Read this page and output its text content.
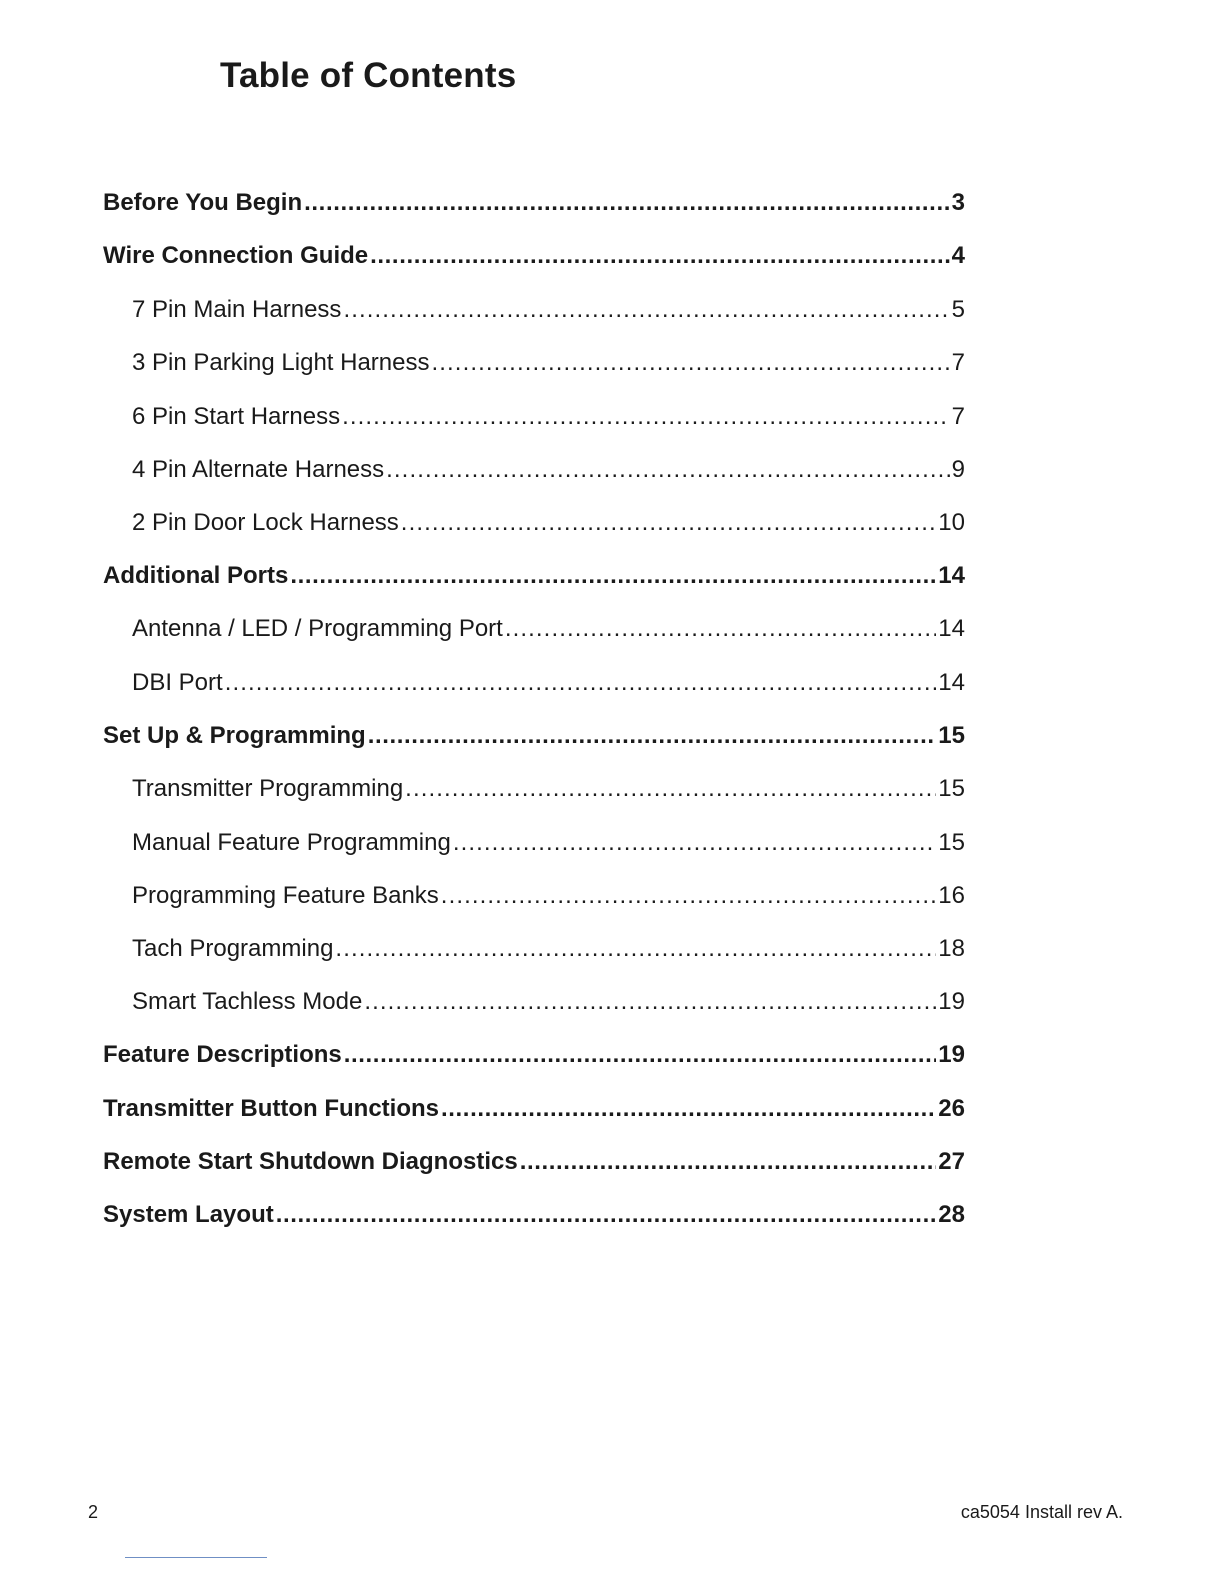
Table of Contents
Before You Begin .....	3
Wire Connection Guide .....	4
7 Pin Main Harness .....	5
3 Pin Parking Light Harness .....	7
6 Pin Start Harness .....	7
4 Pin Alternate Harness .....	9
2 Pin Door Lock Harness .....	10
Additional Ports .....	14
Antenna / LED / Programming Port .....	14
DBI Port .....	14
Set Up & Programming .....	15
Transmitter Programming .....	15
Manual Feature Programming .....	15
Programming Feature Banks .....	16
Tach Programming .....	18
Smart Tachless Mode .....	19
Feature Descriptions .....	19
Transmitter Button Functions .....	26
Remote Start Shutdown Diagnostics .....	27
System Layout .....	28
2	ca5054 Install rev A.
